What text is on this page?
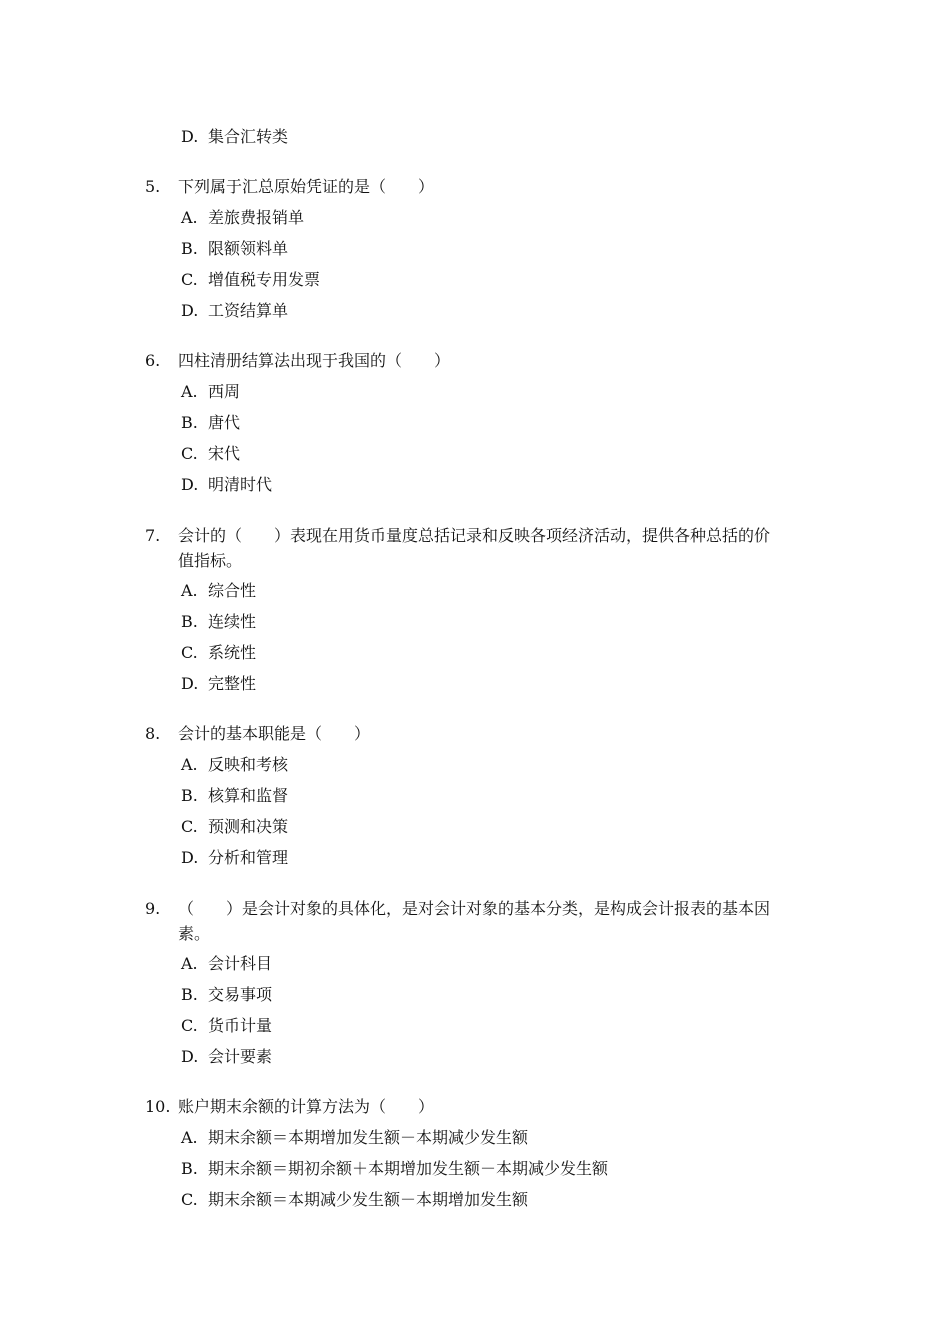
D. 集合汇转类
5. 下列属于汇总原始凭证的是（　　）
A. 差旅费报销单
B. 限额领料单
C. 增值税专用发票
D. 工资结算单
6. 四柱清册结算法出现于我国的（　　）
A. 西周
B. 唐代
C. 宋代
D. 明清时代
7. 会计的（　　）表现在用货币量度总括记录和反映各项经济活动，提供各种总括的价
值指标。
A. 综合性
B. 连续性
C. 系统性
D. 完整性
8. 会计的基本职能是（　　）
A. 反映和考核
B. 核算和监督
C. 预测和决策
D. 分析和管理
9. （　　）是会计对象的具体化，是对会计对象的基本分类，是构成会计报表的基本因
素。
A. 会计科目
B. 交易事项
C. 货币计量
D. 会计要素
10. 账户期末余额的计算方法为（　　）
A. 期末余额＝本期增加发生额－本期减少发生额
B. 期末余额＝期初余额＋本期增加发生额－本期减少发生额
C. 期末余额＝本期减少发生额－本期增加发生额
